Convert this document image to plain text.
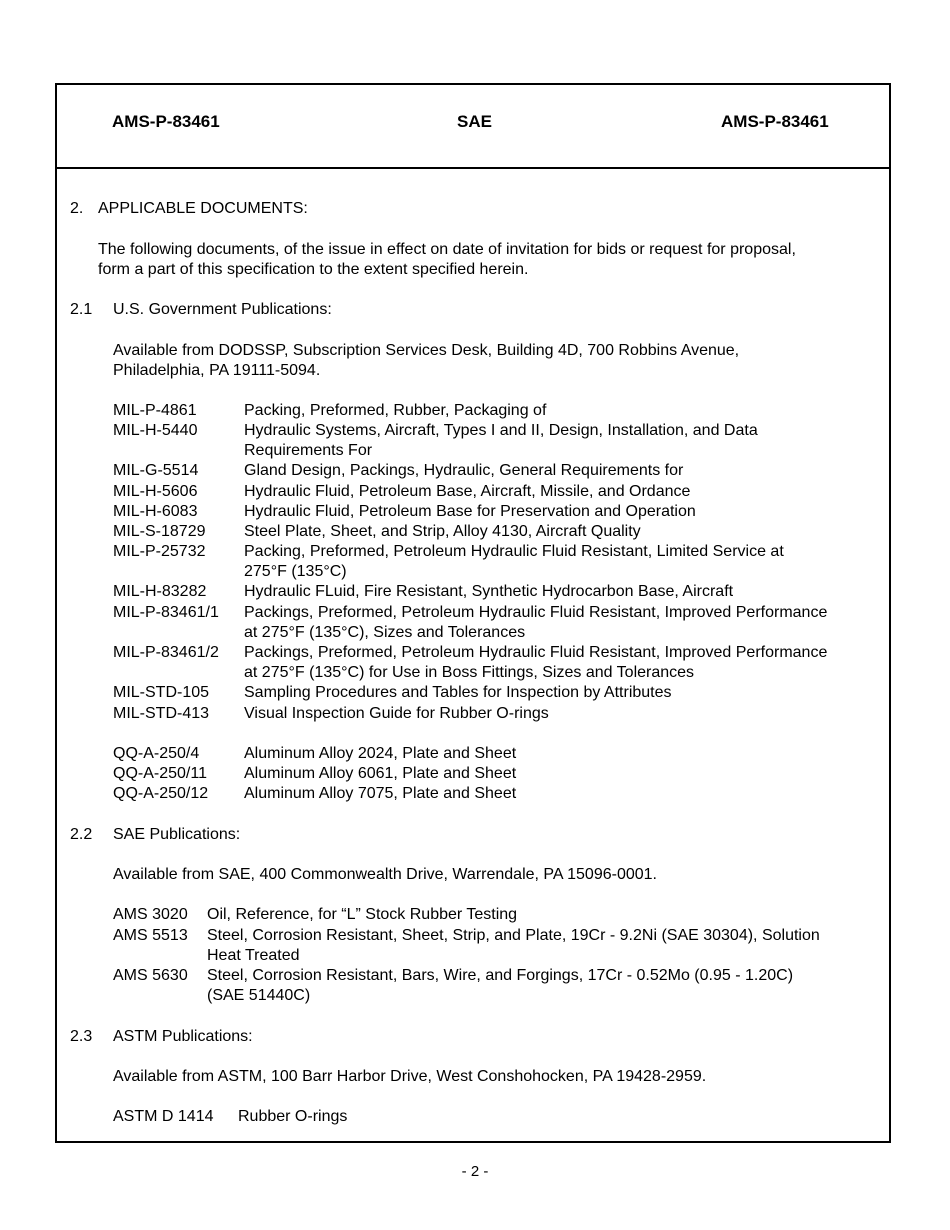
AMS-P-83461	SAE	AMS-P-83461
2. APPLICABLE DOCUMENTS:
The following documents, of the issue in effect on date of invitation for bids or request for proposal,
form a part of this specification to the extent specified herein.
2.1 U.S. Government Publications:
Available from DODSSP, Subscription Services Desk, Building 4D, 700 Robbins Avenue,
Philadelphia, PA 19111-5094.
MIL-P-4861	Packing, Preformed, Rubber, Packaging of
MIL-H-5440	Hydraulic Systems, Aircraft, Types I and II, Design, Installation, and Data
Requirements For
MIL-G-5514	Gland Design, Packings, Hydraulic, General Requirements for
MIL-H-5606	Hydraulic Fluid, Petroleum Base, Aircraft, Missile, and Ordance
MIL-H-6083	Hydraulic Fluid, Petroleum Base for Preservation and Operation
MIL-S-18729 Steel Plate, Sheet, and Strip, Alloy 4130, Aircraft Quality
MIL-P-25732 Packing, Preformed, Petroleum Hydraulic Fluid Resistant, Limited Service at
275°F (135°C)
MIL-H-83282 Hydraulic FLuid, Fire Resistant, Synthetic Hydrocarbon Base, Aircraft
MIL-P-83461/1 Packings, Preformed, Petroleum Hydraulic Fluid Resistant, Improved Performance
at 275°F (135°C), Sizes and Tolerances
MIL-P-83461/2 Packings, Preformed, Petroleum Hydraulic Fluid Resistant, Improved Performance
at 275°F (135°C) for Use in Boss Fittings, Sizes and Tolerances
MIL-STD-105 Sampling Procedures and Tables for Inspection by Attributes
MIL-STD-413 Visual Inspection Guide for Rubber O-rings
QQ-A-250/4	Aluminum Alloy 2024, Plate and Sheet
QQ-A-250/11 Aluminum Alloy 6061, Plate and Sheet
QQ-A-250/12 Aluminum Alloy 7075, Plate and Sheet
2.2 SAE Publications:
Available from SAE, 400 Commonwealth Drive, Warrendale, PA 15096-0001.
AMS 3020 Oil, Reference, for “L” Stock Rubber Testing
AMS 5513 Steel, Corrosion Resistant, Sheet, Strip, and Plate, 19Cr - 9.2Ni (SAE 30304), Solution
Heat Treated
AMS 5630 Steel, Corrosion Resistant, Bars, Wire, and Forgings, 17Cr - 0.52Mo (0.95 - 1.20C)
(SAE 51440C)
2.3 ASTM Publications:
Available from ASTM, 100 Barr Harbor Drive, West Conshohocken, PA 19428-2959.
ASTM D 1414 Rubber O-rings
- 2 -
